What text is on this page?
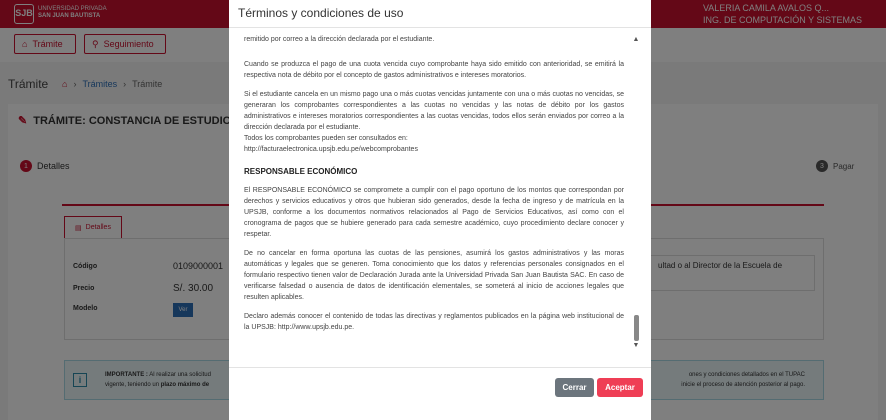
Términos y condiciones de uso

remitido por correo a la dirección declarada por el estudiante.

Cuando se produzca el pago de una cuota vencida cuyo comprobante haya sido emitido con anterioridad, se emitirá la respectiva nota de débito por el concepto de gastos administrativos e intereses moratorios.

Si el estudiante cancela en un mismo pago una o más cuotas vencidas juntamente con una o más cuotas no vencidas, se generaran los comprobantes correspondientes a las cuotas no vencidas y las notas de débito por los gastos administrativos e intereses moratorios correspondientes a las cuotas vencidas, todos ellos serán enviados por correo a la dirección declarada por el estudiante.

Todos los comprobantes pueden ser consultados en:
http://facturaelectronica.upsjb.edu.pe/webcomprobantes
RESPONSABLE ECONÓMICO

El RESPONSABLE ECONÓMICO se compromete a cumplir con el pago oportuno de los montos que correspondan por derechos y servicios educativos y otros que hubieran sido generados, desde la fecha de ingreso y de matrícula en la UPSJB, conforme a los documentos normativos relacionados al Pago de Servicios Educativos, así como con el cronograma de pagos que se hubiere generado para cada semestre académico, cuyo procedimiento declare conocer y respetar.

De no cancelar en forma oportuna las cuotas de las pensiones, asumirá los gastos administrativos y las moras automáticas y legales que se generen. Toma conocimiento que los datos y referencias personales consignados en el formulario respectivo tienen valor de Declaración Jurada ante la Universidad Privada San Juan Bautista SAC. En caso de verificarse falsedad o ausencia de datos de identificación elementales, se someterá al inicio de acciones legales que resulten aplicables.

Declaro además conocer el contenido de todas las directivas y reglamentos publicados en la página web institucional de la UPSJB: http://www.upsjb.edu.pe.

▲
▼
Cerrar	Aceptar
